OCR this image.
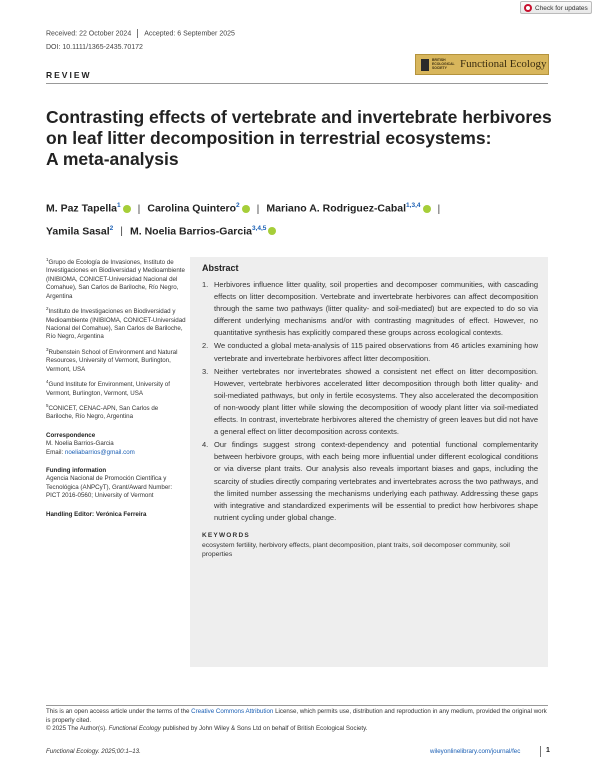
Check for updates
Received: 22 October 2024 Accepted: 6 September 2025
DOI: 10.1111/1365-2435.70172
REVIEW
BRITISH
ECOLOGICAL
SOCIETY	Functional Ecology
Contrasting effects of vertebrate and invertebrate herbivores
on leaf litter decomposition in terrestrial ecosystems:
A meta-analysis
M. Paz Tapella$^1$ | Carolina Quintero$^2$ | Mariano A. Rodriguez-Cabal$^{1,3,4}$ |
Yamila Sasal$^2$ | M. Noelia Barrios-Garcia$^{3,4,5}$

$^1$Grupo de Ecología de Invasiones, Instituto de Investigaciones en Biodiversidad y Medioambiente (INIBIOMA, CONICET-Universidad Nacional del Comahue), San Carlos de Bariloche, Río Negro, Argentina

$^2$Instituto de Investigaciones en Biodiversidad y Medioambiente (INIBIOMA, CONICET-Universidad Nacional del Comahue), San Carlos de Bariloche, Río Negro, Argentina

$^3$Rubenstein School of Environment and Natural Resources, University of Vermont, Burlington, Vermont, USA

$^4$Gund Institute for Environment, University of Vermont, Burlington, Vermont, USA

$^5$CONICET, CENAC-APN, San Carlos de Bariloche, Río Negro, Argentina

Correspondence

M. Noelia Barrios-Garcia

Email: noeliabarrios@gmail.com

Funding information

Agencia Nacional de Promoción Científica y Tecnológica (ANPCyT), Grant/Award Number: PICT 2016-0560; University of Vermont

Handling Editor: Verónica Ferreira

Abstract
1. Herbivores influence litter quality, soil properties and decomposer communities, with cascading effects on litter decomposition. Vertebrate and invertebrate herbivores can affect decomposition through the same two pathways (litter quality- and soil-mediated) but are expected to do so via different underlying mechanisms and/or with contrasting magnitudes of effect. However, no quantitative synthesis has explicitly compared these groups across ecological contexts.
2. We conducted a global meta-analysis of 115 paired observations from 46 articles examining how vertebrate and invertebrate herbivores affect litter decomposition.
3. Neither vertebrates nor invertebrates showed a consistent net effect on litter decomposition. However, vertebrate herbivores accelerated litter decomposition through both litter quality- and soil-mediated pathways, but only in fertile ecosystems. They also accelerated the decomposition of non-woody plant litter while slowing the decomposition of woody plant litter via soil-mediated effects. In contrast, invertebrate herbivores altered the chemistry of green leaves but did not have a general effect on litter decomposition across contexts.
4. Our findings suggest strong context-dependency and potential functional complementarity between herbivore groups, with each being more influential under different ecological conditions or via diverse plant traits. Our analysis also reveals important biases and gaps, including the scarcity of studies directly comparing vertebrates and invertebrates across the two pathways, and the limited number assessing the mechanisms underlying each pathway. Addressing these gaps with integrative and standardized experiments will be essential to predict how herbivores shape nutrient cycling under global change.
KEYWORDS
ecosystem fertility, herbivory effects, plant decomposition, plant traits, soil decomposer community, soil properties

This is an open access article under the terms of the Creative Commons Attribution License, which permits use, distribution and reproduction in any medium, provided the original work is properly cited.

© 2025 The Author(s). Functional Ecology published by John Wiley & Sons Ltd on behalf of British Ecological Society.

Functional Ecology. 2025;00:1–13.	wileyonlinelibrary.com/journal/fec	1
